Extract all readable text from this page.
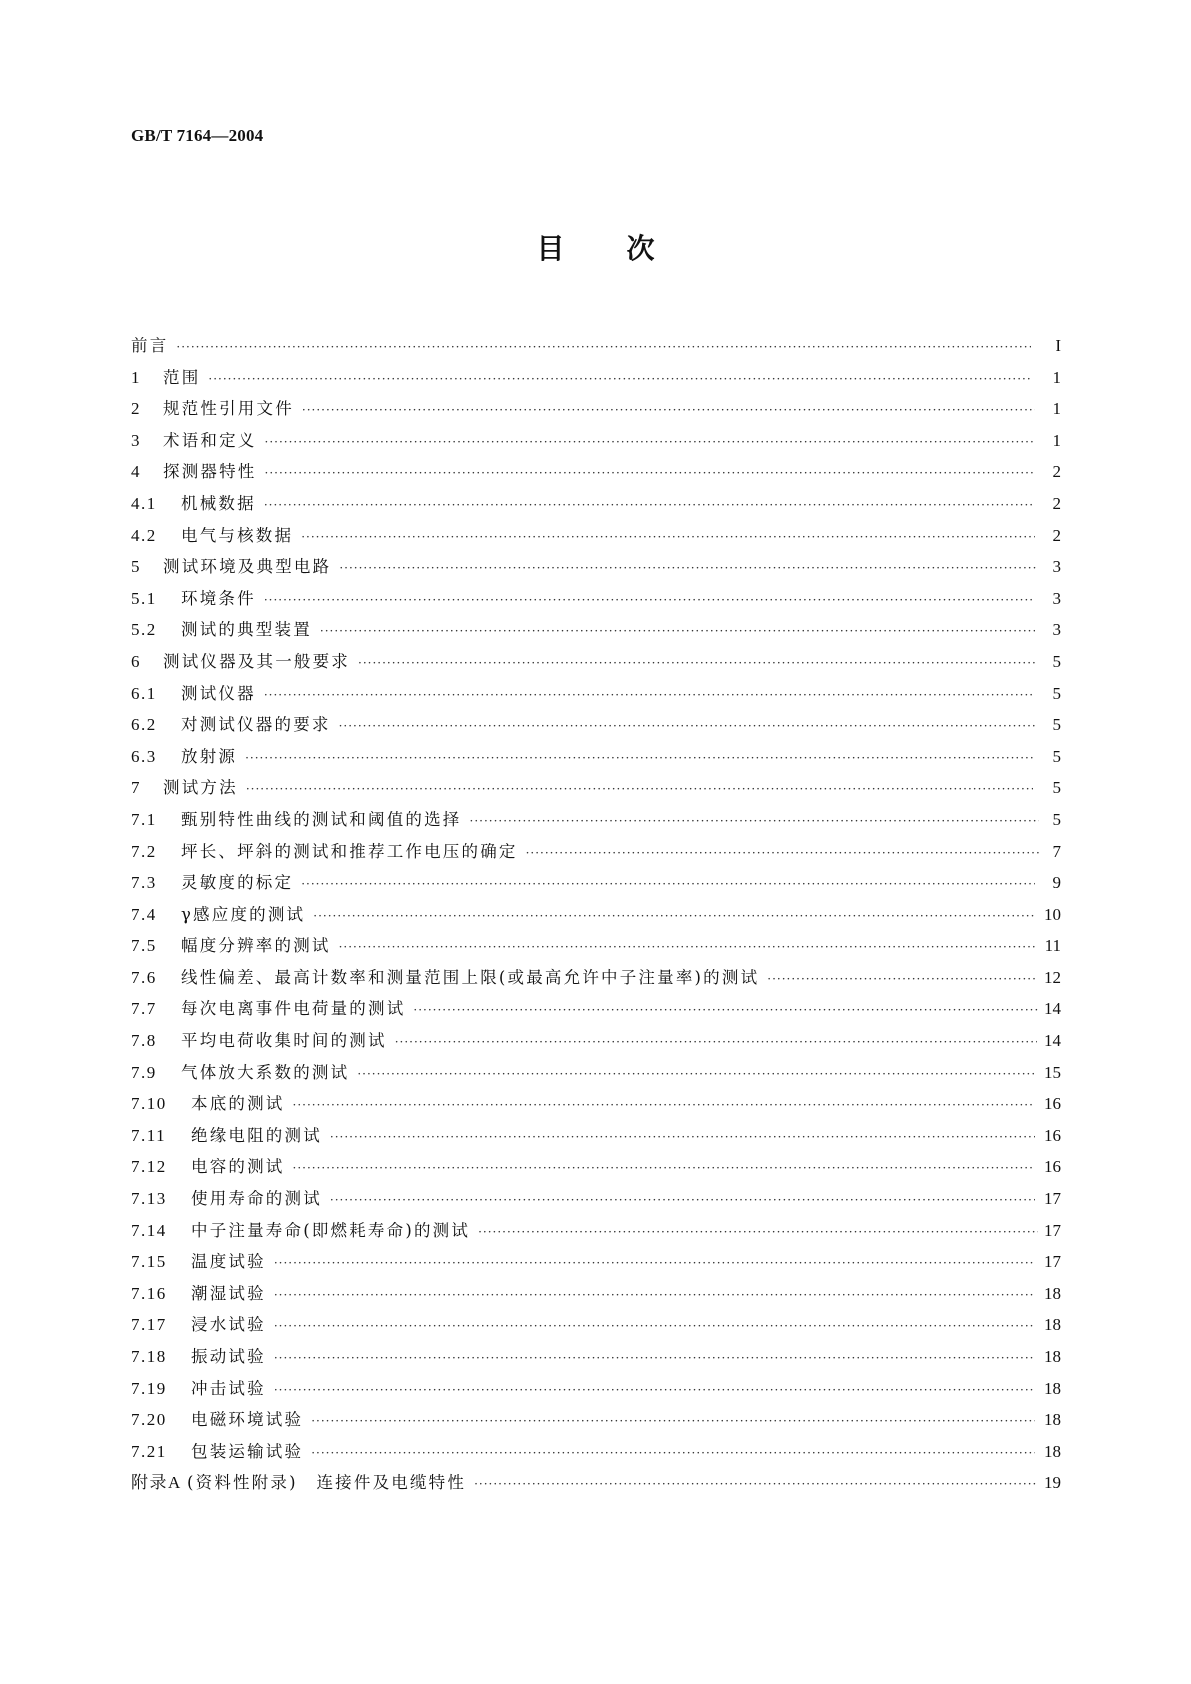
GB/T 7164—2004
目 次
前言 ·····	I
1	范围 ·····	1
2	规范性引用文件 ·····	1
3	术语和定义 ·····	1
4	探测器特性 ·····	2
4.1	机械数据 ·····	2
4.2	电气与核数据 ·····	2
5	测试环境及典型电路 ·····	3
5.1	环境条件 ·····	3
5.2	测试的典型装置 ·····	3
6	测试仪器及其一般要求 ·····	5
6.1	测试仪器 ·····	5
6.2	对测试仪器的要求 ·····	5
6.3	放射源 ·····	5
7	测试方法 ·····	5
7.1	甄别特性曲线的测试和阈值的选择 ·····	5
7.2	坪长、坪斜的测试和推荐工作电压的确定 ·····	7
7.3	灵敏度的标定 ·····	9
7.4	γ感应度的测试 ·····	10
7.5	幅度分辨率的测试 ·····	11
7.6	线性偏差、最高计数率和测量范围上限(或最高允许中子注量率)的测试 ·····	12
7.7	每次电离事件电荷量的测试 ·····	14
7.8	平均电荷收集时间的测试 ·····	14
7.9	气体放大系数的测试 ·····	15
7.10	本底的测试 ·····	16
7.11	绝缘电阻的测试 ·····	16
7.12	电容的测试 ·····	16
7.13	使用寿命的测试 ·····	17
7.14	中子注量寿命(即燃耗寿命)的测试 ·····	17
7.15	温度试验 ·····	17
7.16	潮湿试验 ·····	18
7.17	浸水试验 ·····	18
7.18	振动试验 ·····	18
7.19	冲击试验 ·····	18
7.20	电磁环境试验 ·····	18
7.21	包装运输试验 ·····	18
附录A (资料性附录)　连接件及电缆特性 ·····	19
